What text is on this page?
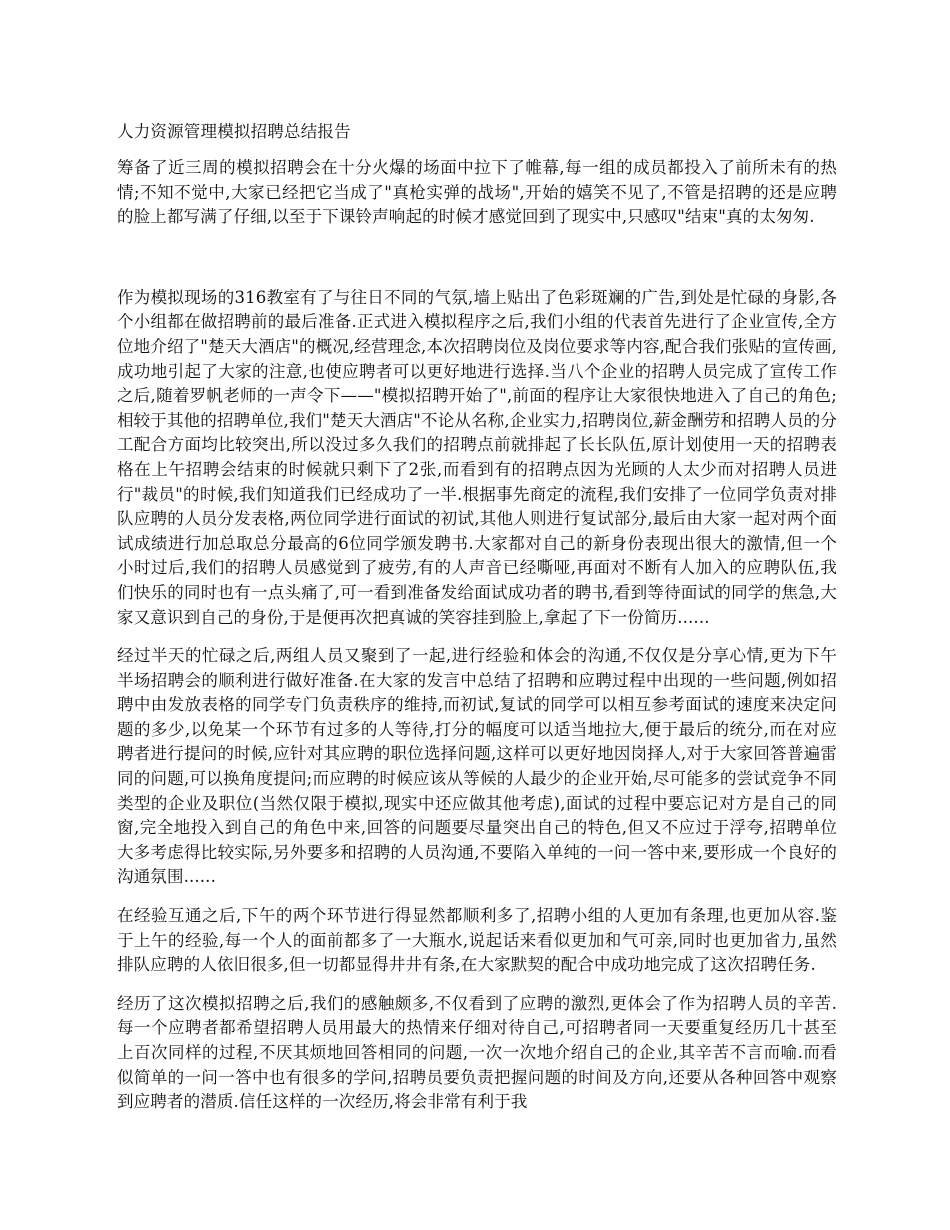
人力资源管理模拟招聘总结报告

筹备了近三周的模拟招聘会在十分火爆的场面中拉下了帷幕,每一组的成员都投入了前所未有的热情;不知不觉中,大家已经把它当成了"真枪实弹的战场",开始的嬉笑不见了,不管是招聘的还是应聘的脸上都写满了仔细,以至于下课铃声响起的时候才感觉回到了现实中,只感叹"结束"真的太匆匆.

作为模拟现场的316教室有了与往日不同的气氛,墙上贴出了色彩斑斓的广告,到处是忙碌的身影,各个小组都在做招聘前的最后准备.正式进入模拟程序之后,我们小组的代表首先进行了企业宣传,全方位地介绍了"楚天大酒店"的概况,经营理念,本次招聘岗位及岗位要求等内容,配合我们张贴的宣传画,成功地引起了大家的注意,也使应聘者可以更好地进行选择.当八个企业的招聘人员完成了宣传工作之后,随着罗帆老师的一声令下——"模拟招聘开始了",前面的程序让大家很快地进入了自己的角色;相较于其他的招聘单位,我们"楚天大酒店"不论从名称,企业实力,招聘岗位,薪金酬劳和招聘人员的分工配合方面均比较突出,所以没过多久我们的招聘点前就排起了长长队伍,原计划使用一天的招聘表格在上午招聘会结束的时候就只剩下了2张,而看到有的招聘点因为光顾的人太少而对招聘人员进行"裁员"的时候,我们知道我们已经成功了一半.根据事先商定的流程,我们安排了一位同学负责对排队应聘的人员分发表格,两位同学进行面试的初试,其他人则进行复试部分,最后由大家一起对两个面试成绩进行加总取总分最高的6位同学颁发聘书.大家都对自己的新身份表现出很大的激情,但一个小时过后,我们的招聘人员感觉到了疲劳,有的人声音已经嘶哑,再面对不断有人加入的应聘队伍,我们快乐的同时也有一点头痛了,可一看到准备发给面试成功者的聘书,看到等待面试的同学的焦急,大家又意识到自己的身份,于是便再次把真诚的笑容挂到脸上,拿起了下一份简历......

经过半天的忙碌之后,两组人员又聚到了一起,进行经验和体会的沟通,不仅仅是分享心情,更为下午半场招聘会的顺利进行做好准备.在大家的发言中总结了招聘和应聘过程中出现的一些问题,例如招聘中由发放表格的同学专门负责秩序的维持,而初试,复试的同学可以相互参考面试的速度来决定问题的多少,以免某一个环节有过多的人等待,打分的幅度可以适当地拉大,便于最后的统分,而在对应聘者进行提问的时候,应针对其应聘的职位选择问题,这样可以更好地因岗择人,对于大家回答普遍雷同的问题,可以换角度提问;而应聘的时候应该从等候的人最少的企业开始,尽可能多的尝试竞争不同类型的企业及职位(当然仅限于模拟,现实中还应做其他考虑),面试的过程中要忘记对方是自己的同窗,完全地投入到自己的角色中来,回答的问题要尽量突出自己的特色,但又不应过于浮夸,招聘单位大多考虑得比较实际,另外要多和招聘的人员沟通,不要陷入单纯的一问一答中来,要形成一个良好的沟通氛围......

在经验互通之后,下午的两个环节进行得显然都顺利多了,招聘小组的人更加有条理,也更加从容.鉴于上午的经验,每一个人的面前都多了一大瓶水,说起话来看似更加和气可亲,同时也更加省力,虽然排队应聘的人依旧很多,但一切都显得井井有条,在大家默契的配合中成功地完成了这次招聘任务.

经历了这次模拟招聘之后,我们的感触颇多,不仅看到了应聘的激烈,更体会了作为招聘人员的辛苦.每一个应聘者都希望招聘人员用最大的热情来仔细对待自己,可招聘者同一天要重复经历几十甚至上百次同样的过程,不厌其烦地回答相同的问题,一次一次地介绍自己的企业,其辛苦不言而喻.而看似简单的一问一答中也有很多的学问,招聘员要负责把握问题的时间及方向,还要从各种回答中观察到应聘者的潜质.信任这样的一次经历,将会非常有利于我
